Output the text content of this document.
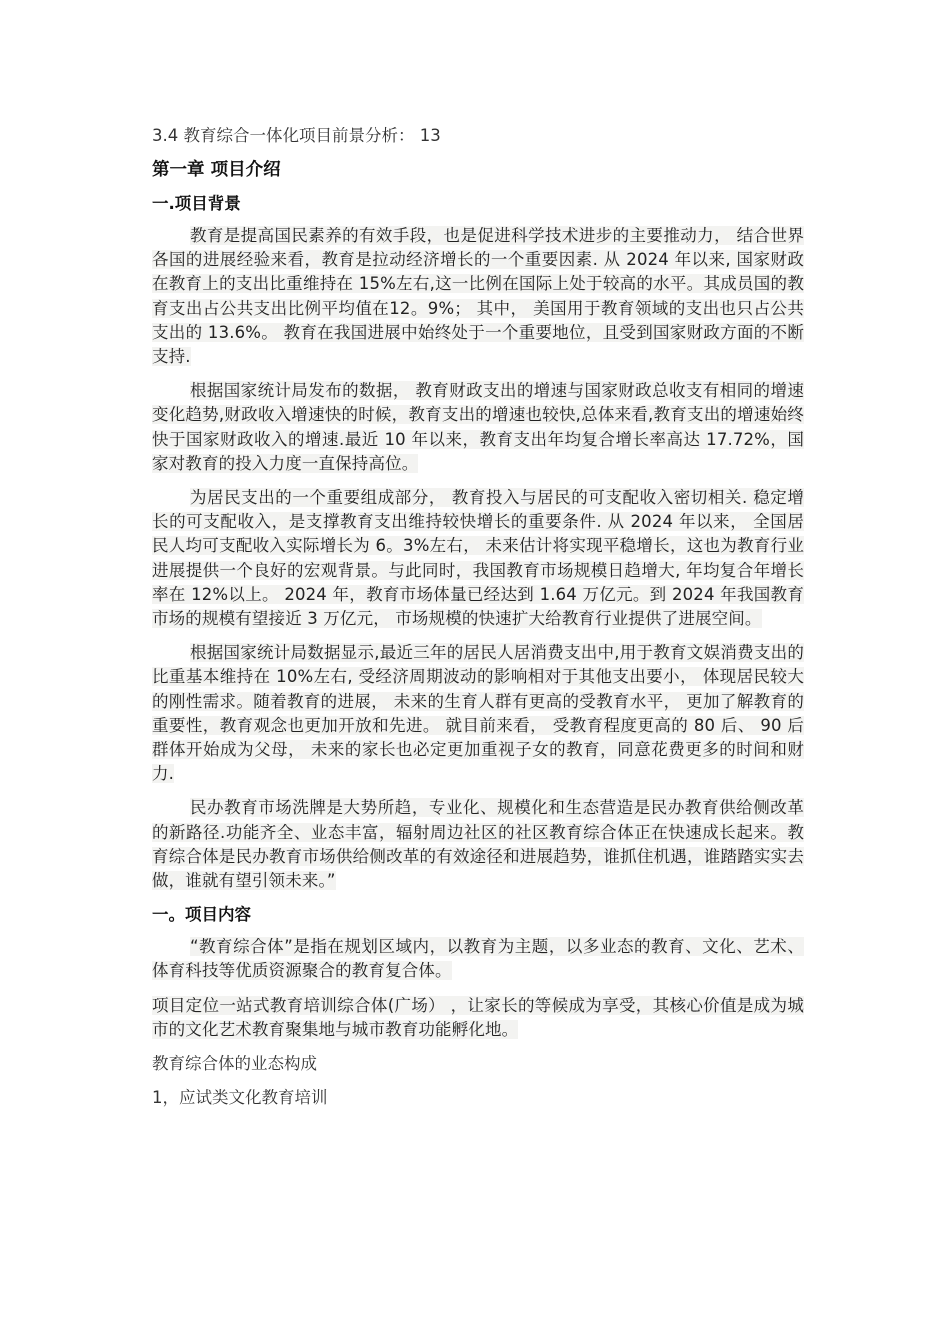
3.4 教育综合一体化项目前景分析： 13
第一章 项目介绍
一.项目背景

教育是提高国民素养的有效手段，也是促进科学技术进步的主要推动力， 结合世界各国的进展经验来看，教育是拉动经济增长的一个重要因素. 从 2024 年以来, 国家财政在教育上的支出比重维持在 15%左右,这一比例在国际上处于较高的水平。其成员国的教育支出占公共支出比例平均值在12。9%； 其中， 美国用于教育领域的支出也只占公共支出的 13.6%。 教育在我国进展中始终处于一个重要地位，且受到国家财政方面的不断支持.

根据国家统计局发布的数据， 教育财政支出的增速与国家财政总收支有相同的增速变化趋势,财政收入增速快的时候，教育支出的增速也较快,总体来看,教育支出的增速始终快于国家财政收入的增速.最近 10 年以来，教育支出年均复合增长率高达 17.72%，国家对教育的投入力度一直保持高位。

为居民支出的一个重要组成部分， 教育投入与居民的可支配收入密切相关. 稳定增长的可支配收入，是支撑教育支出维持较快增长的重要条件. 从 2024 年以来， 全国居民人均可支配收入实际增长为 6。3%左右， 未来估计将实现平稳增长，这也为教育行业进展提供一个良好的宏观背景。与此同时，我国教育市场规模日趋增大, 年均复合年增长率在 12%以上。 2024 年，教育市场体量已经达到 1.64 万亿元。到 2024 年我国教育市场的规模有望接近 3 万亿元， 市场规模的快速扩大给教育行业提供了进展空间。

根据国家统计局数据显示,最近三年的居民人居消费支出中,用于教育文娱消费支出的比重基本维持在 10%左右, 受经济周期波动的影响相对于其他支出要小， 体现居民较大的刚性需求。随着教育的进展， 未来的生育人群有更高的受教育水平， 更加了解教育的重要性，教育观念也更加开放和先进。 就目前来看， 受教育程度更高的 80 后、 90 后群体开始成为父母， 未来的家长也必定更加重视子女的教育，同意花费更多的时间和财力.

民办教育市场洗牌是大势所趋，专业化、规模化和生态营造是民办教育供给侧改革的新路径.功能齐全、业态丰富，辐射周边社区的社区教育综合体正在快速成长起来。教育综合体是民办教育市场供给侧改革的有效途径和进展趋势，谁抓住机遇，谁踏踏实实去做，谁就有望引领未来。”

一。项目内容

“教育综合体”是指在规划区域内，以教育为主题，以多业态的教育、文化、艺术、体育科技等优质资源聚合的教育复合体。

项目定位一站式教育培训综合体(广场） ，让家长的等候成为享受，其核心价值是成为城市的文化艺术教育聚集地与城市教育功能孵化地。

教育综合体的业态构成
1，应试类文化教育培训
